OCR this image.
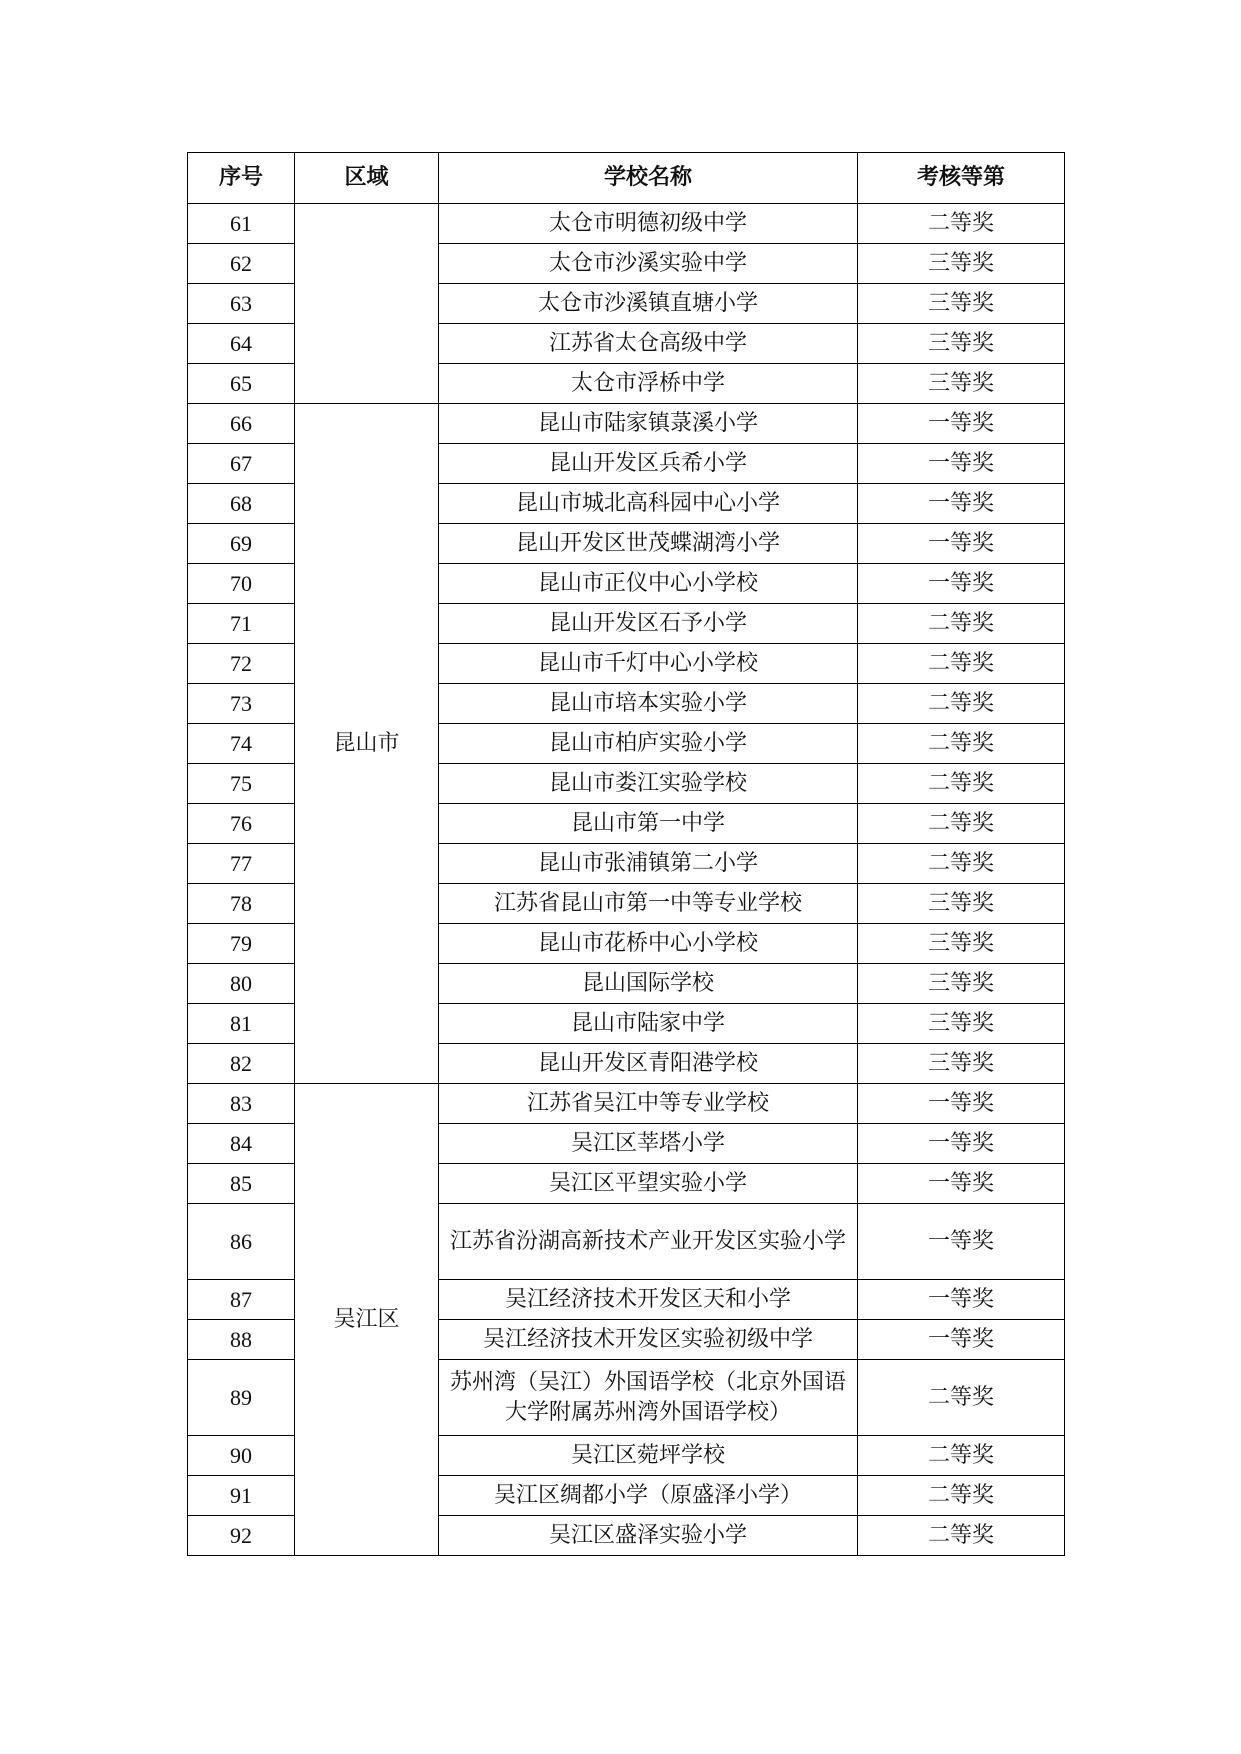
序号	区域	学校名称	考核等第
61		太仓市明德初级中学	二等奖
62		太仓市沙溪实验中学	三等奖
63		太仓市沙溪镇直塘小学	三等奖
64		江苏省太仓高级中学	三等奖
65		太仓市浮桥中学	三等奖
66	昆山市	昆山市陆家镇菉溪小学	一等奖
67		昆山开发区兵希小学	一等奖
68		昆山市城北高科园中心小学	一等奖
69		昆山开发区世茂蝶湖湾小学	一等奖
70		昆山市正仪中心小学校	一等奖
71		昆山开发区石予小学	二等奖
72		昆山市千灯中心小学校	二等奖
73		昆山市培本实验小学	二等奖
74		昆山市柏庐实验小学	二等奖
75		昆山市娄江实验学校	二等奖
76		昆山市第一中学	二等奖
77		昆山市张浦镇第二小学	二等奖
78		江苏省昆山市第一中等专业学校	三等奖
79		昆山市花桥中心小学校	三等奖
80		昆山国际学校	三等奖
81		昆山市陆家中学	三等奖
82		昆山开发区青阳港学校	三等奖
83	吴江区	江苏省吴江中等专业学校	一等奖
84		吴江区莘塔小学	一等奖
85		吴江区平望实验小学	一等奖
86		江苏省汾湖高新技术产业开发区实验小学	一等奖
87		吴江经济技术开发区天和小学	一等奖
88		吴江经济技术开发区实验初级中学	一等奖
89		苏州湾（吴江）外国语学校（北京外国语大学附属苏州湾外国语学校）	二等奖
90		吴江区菀坪学校	二等奖
91		吴江区绸都小学（原盛泽小学）	二等奖
92		吴江区盛泽实验小学	二等奖
